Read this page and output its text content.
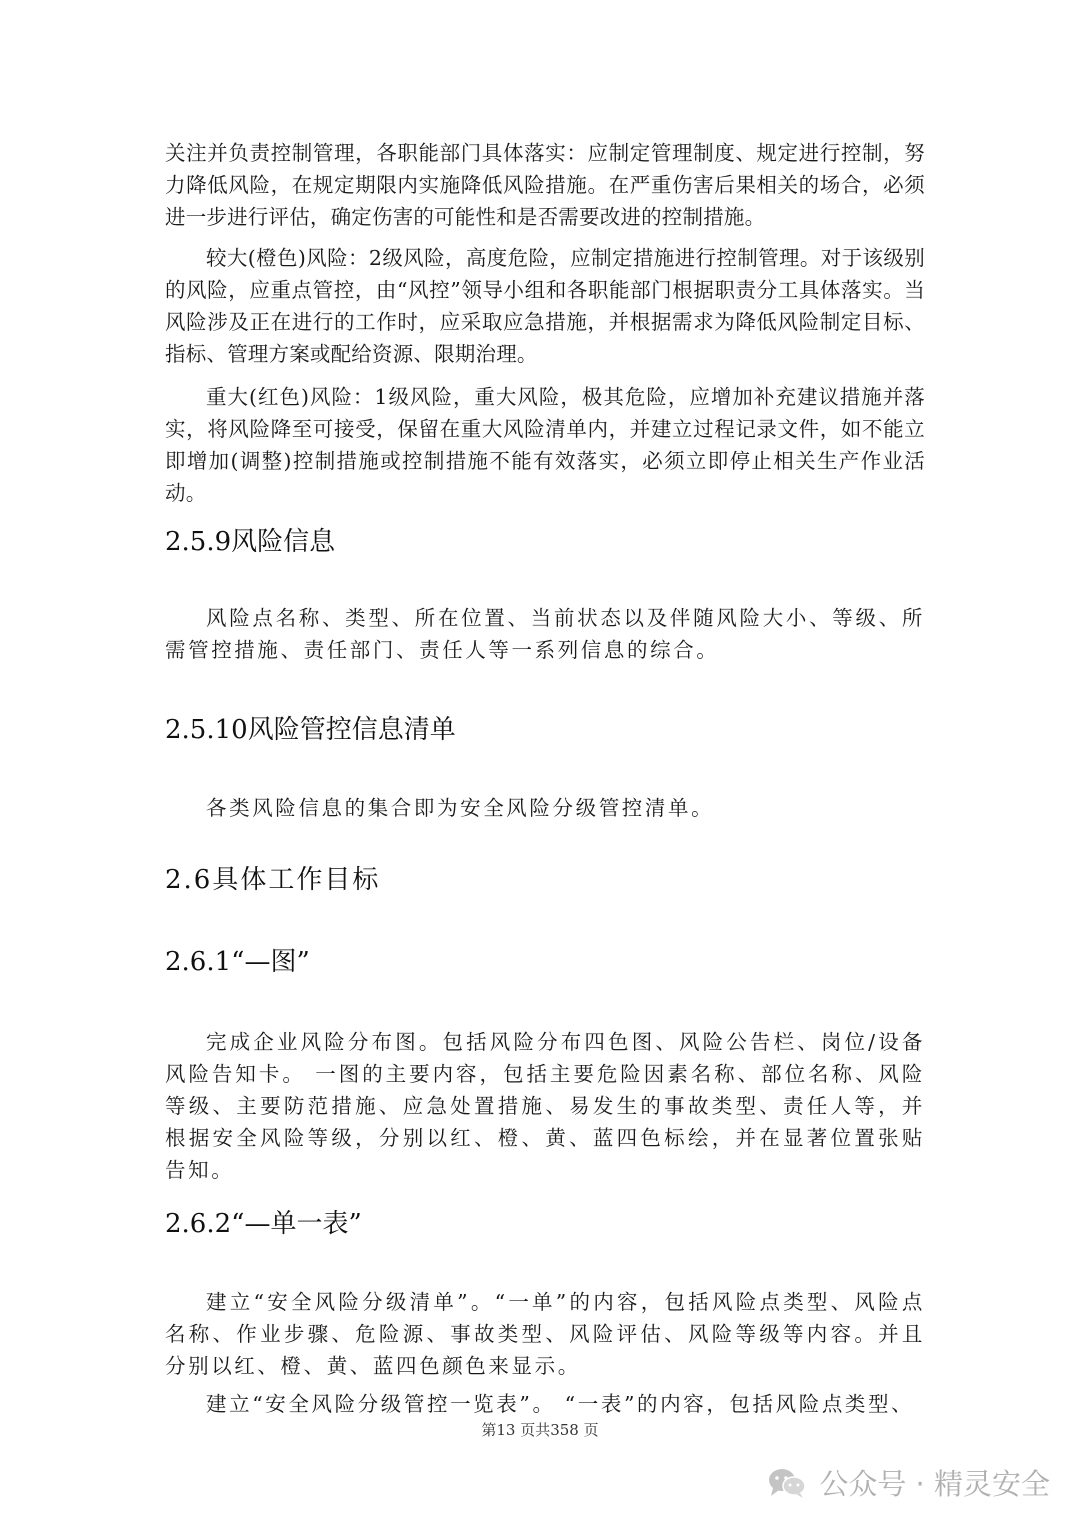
关注并负责控制管理，各职能部门具体落实：应制定管理制度、规定进行控制，努力降低风险，在规定期限内实施降低风险措施。在严重伤害后果相关的场合，必须进一步进行评估，确定伤害的可能性和是否需要改进的控制措施。

较大(橙色)风险：2级风险，高度危险，应制定措施进行控制管理。对于该级别的风险，应重点管控，由“风控”领导小组和各职能部门根据职责分工具体落实。当风险涉及正在进行的工作时，应采取应急措施，并根据需求为降低风险制定目标、指标、管理方案或配给资源、限期治理。

重大(红色)风险：1级风险，重大风险，极其危险，应增加补充建议措施并落实，将风险降至可接受，保留在重大风险清单内，并建立过程记录文件，如不能立即增加(调整)控制措施或控制措施不能有效落实，必须立即停止相关生产作业活动。

2.5.9风险信息

风险点名称、类型、所在位置、当前状态以及伴随风险大小、等级、所需管控措施、责任部门、责任人等一系列信息的综合。

2.5.10风险管控信息清单

各类风险信息的集合即为安全风险分级管控清单。

2.6具体工作目标
2.6.1“—图”

完成企业风险分布图。包括风险分布四色图、风险公告栏、岗位/设备风险告知卡。 一图的主要内容，包括主要危险因素名称、部位名称、风险等级、主要防范措施、应急处置措施、易发生的事故类型、责任人等，并根据安全风险等级，分别以红、橙、黄、蓝四色标绘，并在显著位置张贴告知。

2.6.2“—单一表”

建立“安全风险分级清单”。“一单”的内容，包括风险点类型、风险点名称、作业步骤、危险源、事故类型、风险评估、风险等级等内容。并且分别以红、橙、黄、蓝四色颜色来显示。

建立“安全风险分级管控一览表”。 “一表”的内容，包括风险点类型、

第13 页共358 页
公众号 · 精灵安全
